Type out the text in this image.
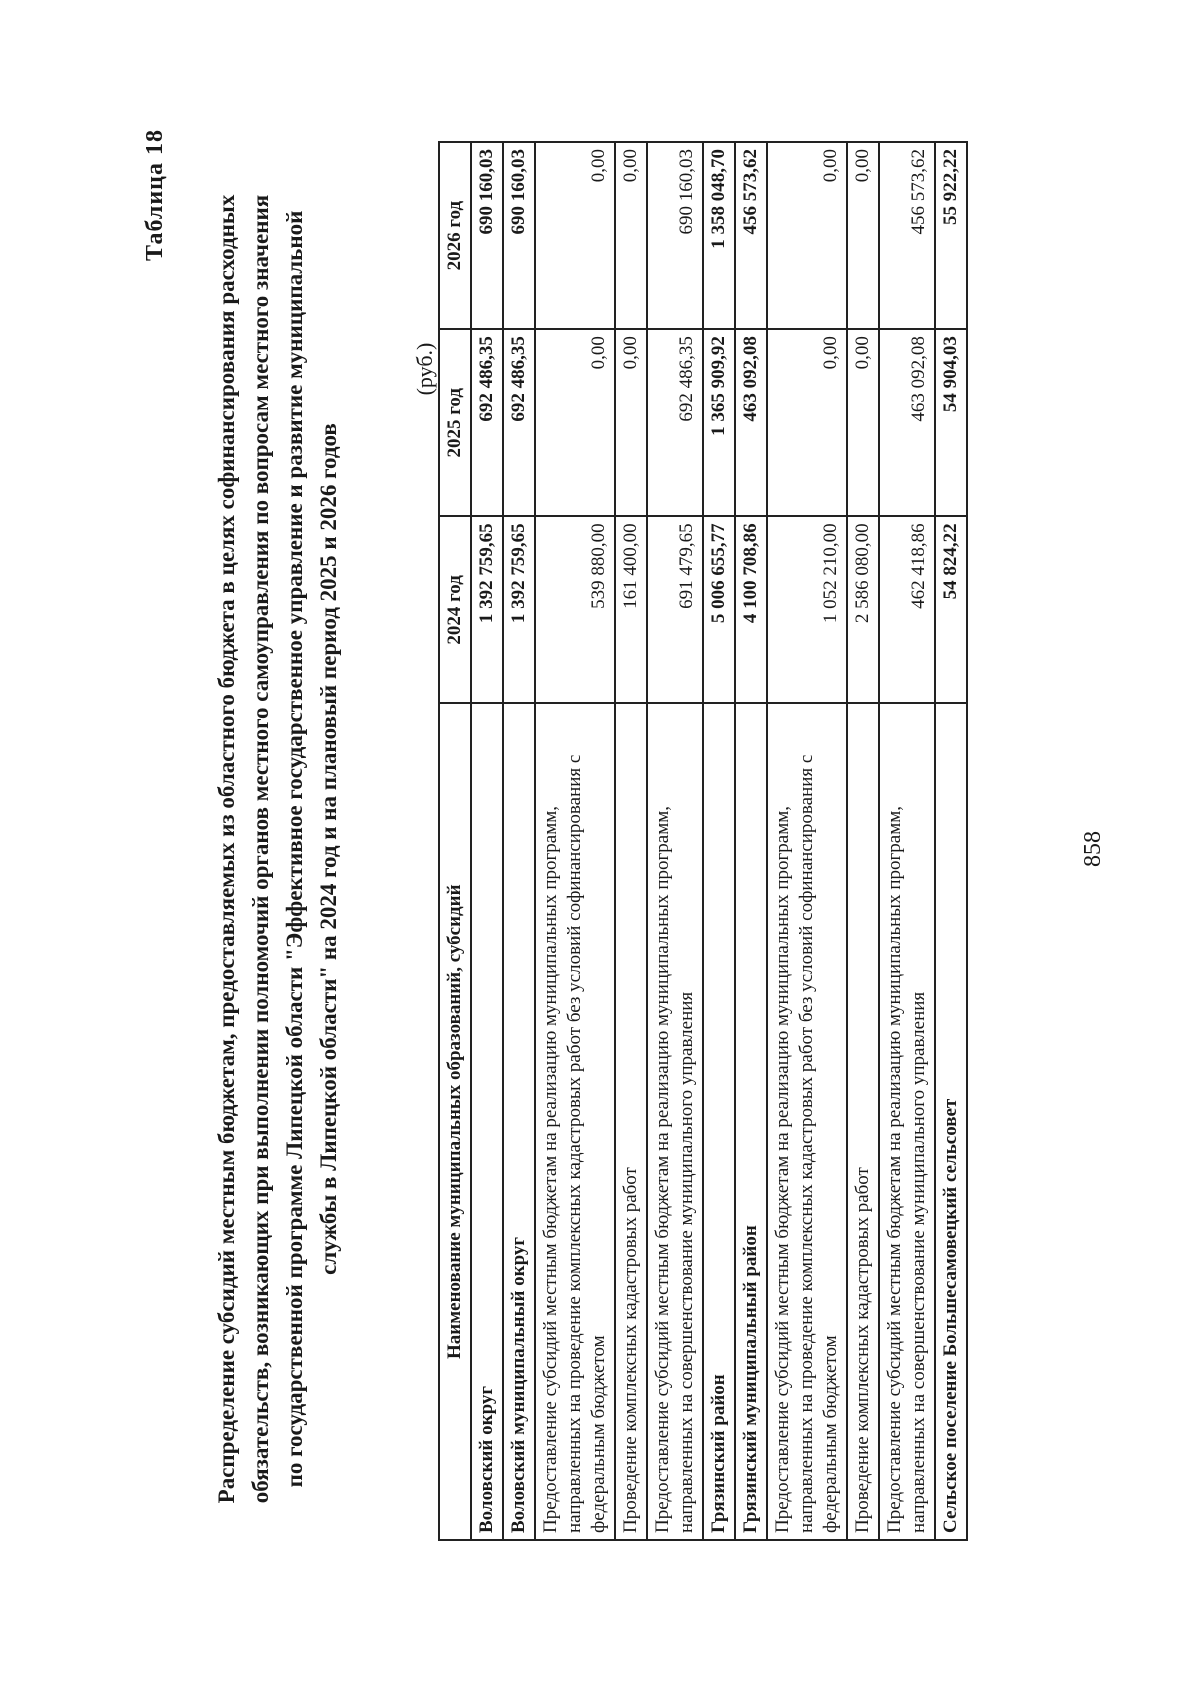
858
Таблица 18 Распределение субсидий местным бюджетам, предоставляемых из областного бюджета в целях софинансирования расходных обязательств, возникающих при выполнении полномочий органов местного самоуправления по вопросам местного значения по государственной программе Липецкой области "Эффективное государственное управление и развитие муниципальной службы в Липецкой области" на 2024 год и на плановый период 2025 и 2026 годов
(руб.)
Наименование муниципальных образований, субсидий	2024 год	2025 год	2026 год
Воловский округ	1 392 759,65	692 486,35	690 160,03
Воловский муниципальный округ	1 392 759,65	692 486,35	690 160,03
Предоставление субсидий местным бюджетам на реализацию муниципальных программ, направленных на проведение комплексных кадастровых работ без условий софинансирования с федеральным бюджетом	539 880,00	0,00	0,00
Проведение комплексных кадастровых работ	161 400,00	0,00	0,00
Предоставление субсидий местным бюджетам на реализацию муниципальных программ, направленных на совершенствование муниципального управления	691 479,65	692 486,35	690 160,03
Грязинский район	5 006 655,77	1 365 909,92	1 358 048,70
Грязинский муниципальный район	4 100 708,86	463 092,08	456 573,62
Предоставление субсидий местным бюджетам на реализацию муниципальных программ, направленных на проведение комплексных кадастровых работ без условий софинансирования с федеральным бюджетом	1 052 210,00	0,00	0,00
Проведение комплексных кадастровых работ	2 586 080,00	0,00	0,00
Предоставление субсидий местным бюджетам на реализацию муниципальных программ, направленных на совершенствование муниципального управления	462 418,86	463 092,08	456 573,62
Сельское поселение Большесамовецкий сельсовет	54 824,22	54 904,03	55 922,22
